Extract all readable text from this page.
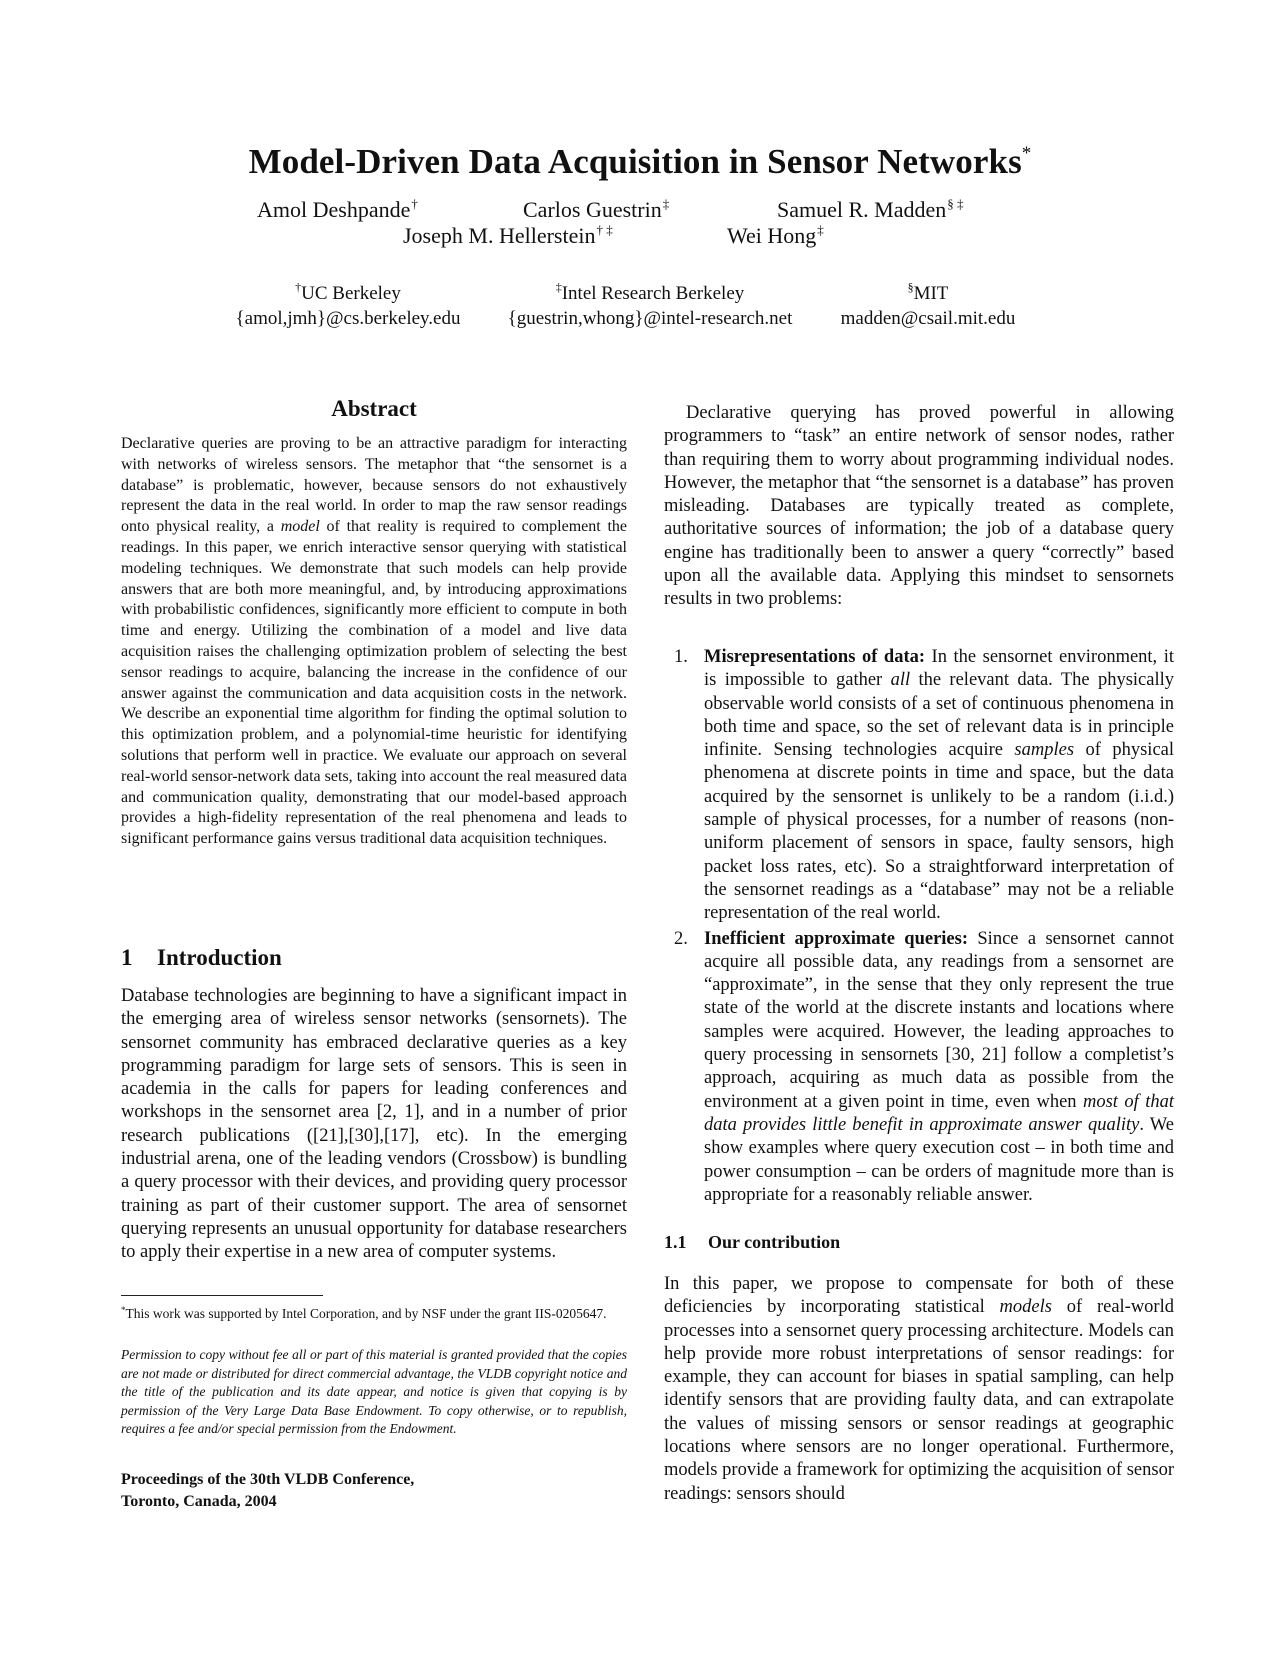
Model-Driven Data Acquisition in Sensor Networks*
Amol Deshpande†	Carlos Guestrin‡	Samuel R. Madden§ ‡
Joseph M. Hellerstein† ‡	Wei Hong‡
†UC Berkeley
{amol,jmh}@cs.berkeley.edu
‡Intel Research Berkeley
{guestrin,whong}@intel-research.net
§MIT
madden@csail.mit.edu
Abstract
Declarative queries are proving to be an attractive paradigm for interacting with networks of wireless sensors. The metaphor that “the sensornet is a database” is problematic, however, because sensors do not exhaustively represent the data in the real world. In order to map the raw sensor readings onto physical reality, a model of that reality is required to complement the readings. In this paper, we enrich interactive sensor querying with statistical modeling techniques. We demonstrate that such models can help provide answers that are both more meaningful, and, by introducing approximations with probabilistic confidences, significantly more efficient to compute in both time and energy. Utilizing the combination of a model and live data acquisition raises the challenging optimization problem of selecting the best sensor readings to acquire, balancing the increase in the confidence of our answer against the communication and data acquisition costs in the network. We describe an exponential time algorithm for finding the optimal solution to this optimization problem, and a polynomial-time heuristic for identifying solutions that perform well in practice. We evaluate our approach on several real-world sensor-network data sets, taking into account the real measured data and communication quality, demonstrating that our model-based approach provides a high-fidelity representation of the real phenomena and leads to significant performance gains versus traditional data acquisition techniques.
1 Introduction
Database technologies are beginning to have a significant impact in the emerging area of wireless sensor networks (sensornets). The sensornet community has embraced declarative queries as a key programming paradigm for large sets of sensors. This is seen in academia in the calls for papers for leading conferences and workshops in the sensornet area [2, 1], and in a number of prior research publications ([21],[30],[17], etc). In the emerging industrial arena, one of the leading vendors (Crossbow) is bundling a query processor with their devices, and providing query processor training as part of their customer support. The area of sensornet querying represents an unusual opportunity for database researchers to apply their expertise in a new area of computer systems.
*This work was supported by Intel Corporation, and by NSF under the grant IIS-0205647.
Permission to copy without fee all or part of this material is granted provided that the copies are not made or distributed for direct commercial advantage, the VLDB copyright notice and the title of the publication and its date appear, and notice is given that copying is by permission of the Very Large Data Base Endowment. To copy otherwise, or to republish, requires a fee and/or special permission from the Endowment.
Proceedings of the 30th VLDB Conference,
Toronto, Canada, 2004
Declarative querying has proved powerful in allowing programmers to “task” an entire network of sensor nodes, rather than requiring them to worry about programming individual nodes. However, the metaphor that “the sensornet is a database” has proven misleading. Databases are typically treated as complete, authoritative sources of information; the job of a database query engine has traditionally been to answer a query “correctly” based upon all the available data. Applying this mindset to sensornets results in two problems:
1. Misrepresentations of data: In the sensornet environment, it is impossible to gather all the relevant data. The physically observable world consists of a set of continuous phenomena in both time and space, so the set of relevant data is in principle infinite. Sensing technologies acquire samples of physical phenomena at discrete points in time and space, but the data acquired by the sensornet is unlikely to be a random (i.i.d.) sample of physical processes, for a number of reasons (non-uniform placement of sensors in space, faulty sensors, high packet loss rates, etc). So a straightforward interpretation of the sensornet readings as a “database” may not be a reliable representation of the real world.
2. Inefficient approximate queries: Since a sensornet cannot acquire all possible data, any readings from a sensornet are “approximate”, in the sense that they only represent the true state of the world at the discrete instants and locations where samples were acquired. However, the leading approaches to query processing in sensornets [30, 21] follow a completist’s approach, acquiring as much data as possible from the environment at a given point in time, even when most of that data provides little benefit in approximate answer quality. We show examples where query execution cost – in both time and power consumption – can be orders of magnitude more than is appropriate for a reasonably reliable answer.
1.1 Our contribution
In this paper, we propose to compensate for both of these deficiencies by incorporating statistical models of real-world processes into a sensornet query processing architecture. Models can help provide more robust interpretations of sensor readings: for example, they can account for biases in spatial sampling, can help identify sensors that are providing faulty data, and can extrapolate the values of missing sensors or sensor readings at geographic locations where sensors are no longer operational. Furthermore, models provide a framework for optimizing the acquisition of sensor readings: sensors should
